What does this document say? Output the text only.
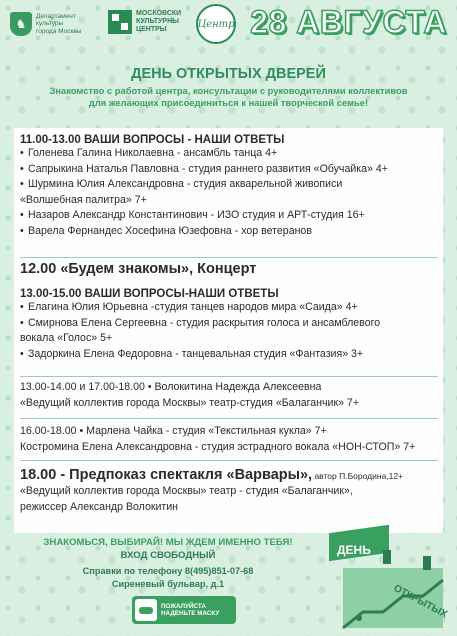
♞
Департамент
культуры
города Москвы
МОСКОВСКИ
КУЛЬТУРНЫ
ЦЕНТРЫ	Центр 28 АВГУСТА
ДЕНЬ ОТКРЫТЫХ ДВЕРЕЙ
Знакомство с работой центра, консультации с руководителями коллективов
для желающих присоединиться к нашей творческой семье!
11.00-13.00 ВАШИ ВОПРОСЫ - НАШИ ОТВЕТЫ
• Голенева Галина Николаевна - ансамбль танца 4+
• Сапрыкина Наталья Павловна - студия раннего развития «Обучайка» 4+
• Шурмина Юлия Александровна - студия акварельной живописи
«Волшебная палитра» 7+
• Назаров Александр Константинович - ИЗО студия и АРТ-студия 16+
• Варела Фернандес Хосефина Юзефовна - хор ветеранов
12.00 «Будем знакомы», Концерт
13.00-15.00 ВАШИ ВОПРОСЫ-НАШИ ОТВЕТЫ
• Елагина Юлия Юрьевна -студия танцев народов мира «Саида» 4+
• Смирнова Елена Сергеевна - студия раскрытия голоса и ансамблевого
вокала «Голос» 5+
• Задоркина Елена Федоровна - танцевальная студия «Фантазия» 3+
13.00-14.00 и 17.00-18.00 • Волокитина Надежда Алексеевна
«Ведущий коллектив города Москвы» театр-студия «Балаганчик» 7+
16.00-18.00 • Марлена Чайка - студия «Текстильная кукла» 7+
Костромина Елена Александровна - студия эстрадного вокала «НОН-СТОП» 7+
18.00 - Предпоказ спектакля «Варвары», автор П.Бородина,12+
«Ведущий коллектив города Москвы» театр - студия «Балаганчик»,
режиссер Александр Волокитин
ЗНАКОМЬСЯ, ВЫБИРАЙ! МЫ ЖДЕМ ИМЕННО ТЕБЯ!
ВХОД СВОБОДНЫЙ
Справки по телефону 8(495)851-07-68
Сиреневый бульвар, д.1
ПОЖАЛУЙСТА
НАДЕНЬТЕ МАСКУ
ДЕНЬ
ОТКРЫТЫХ
